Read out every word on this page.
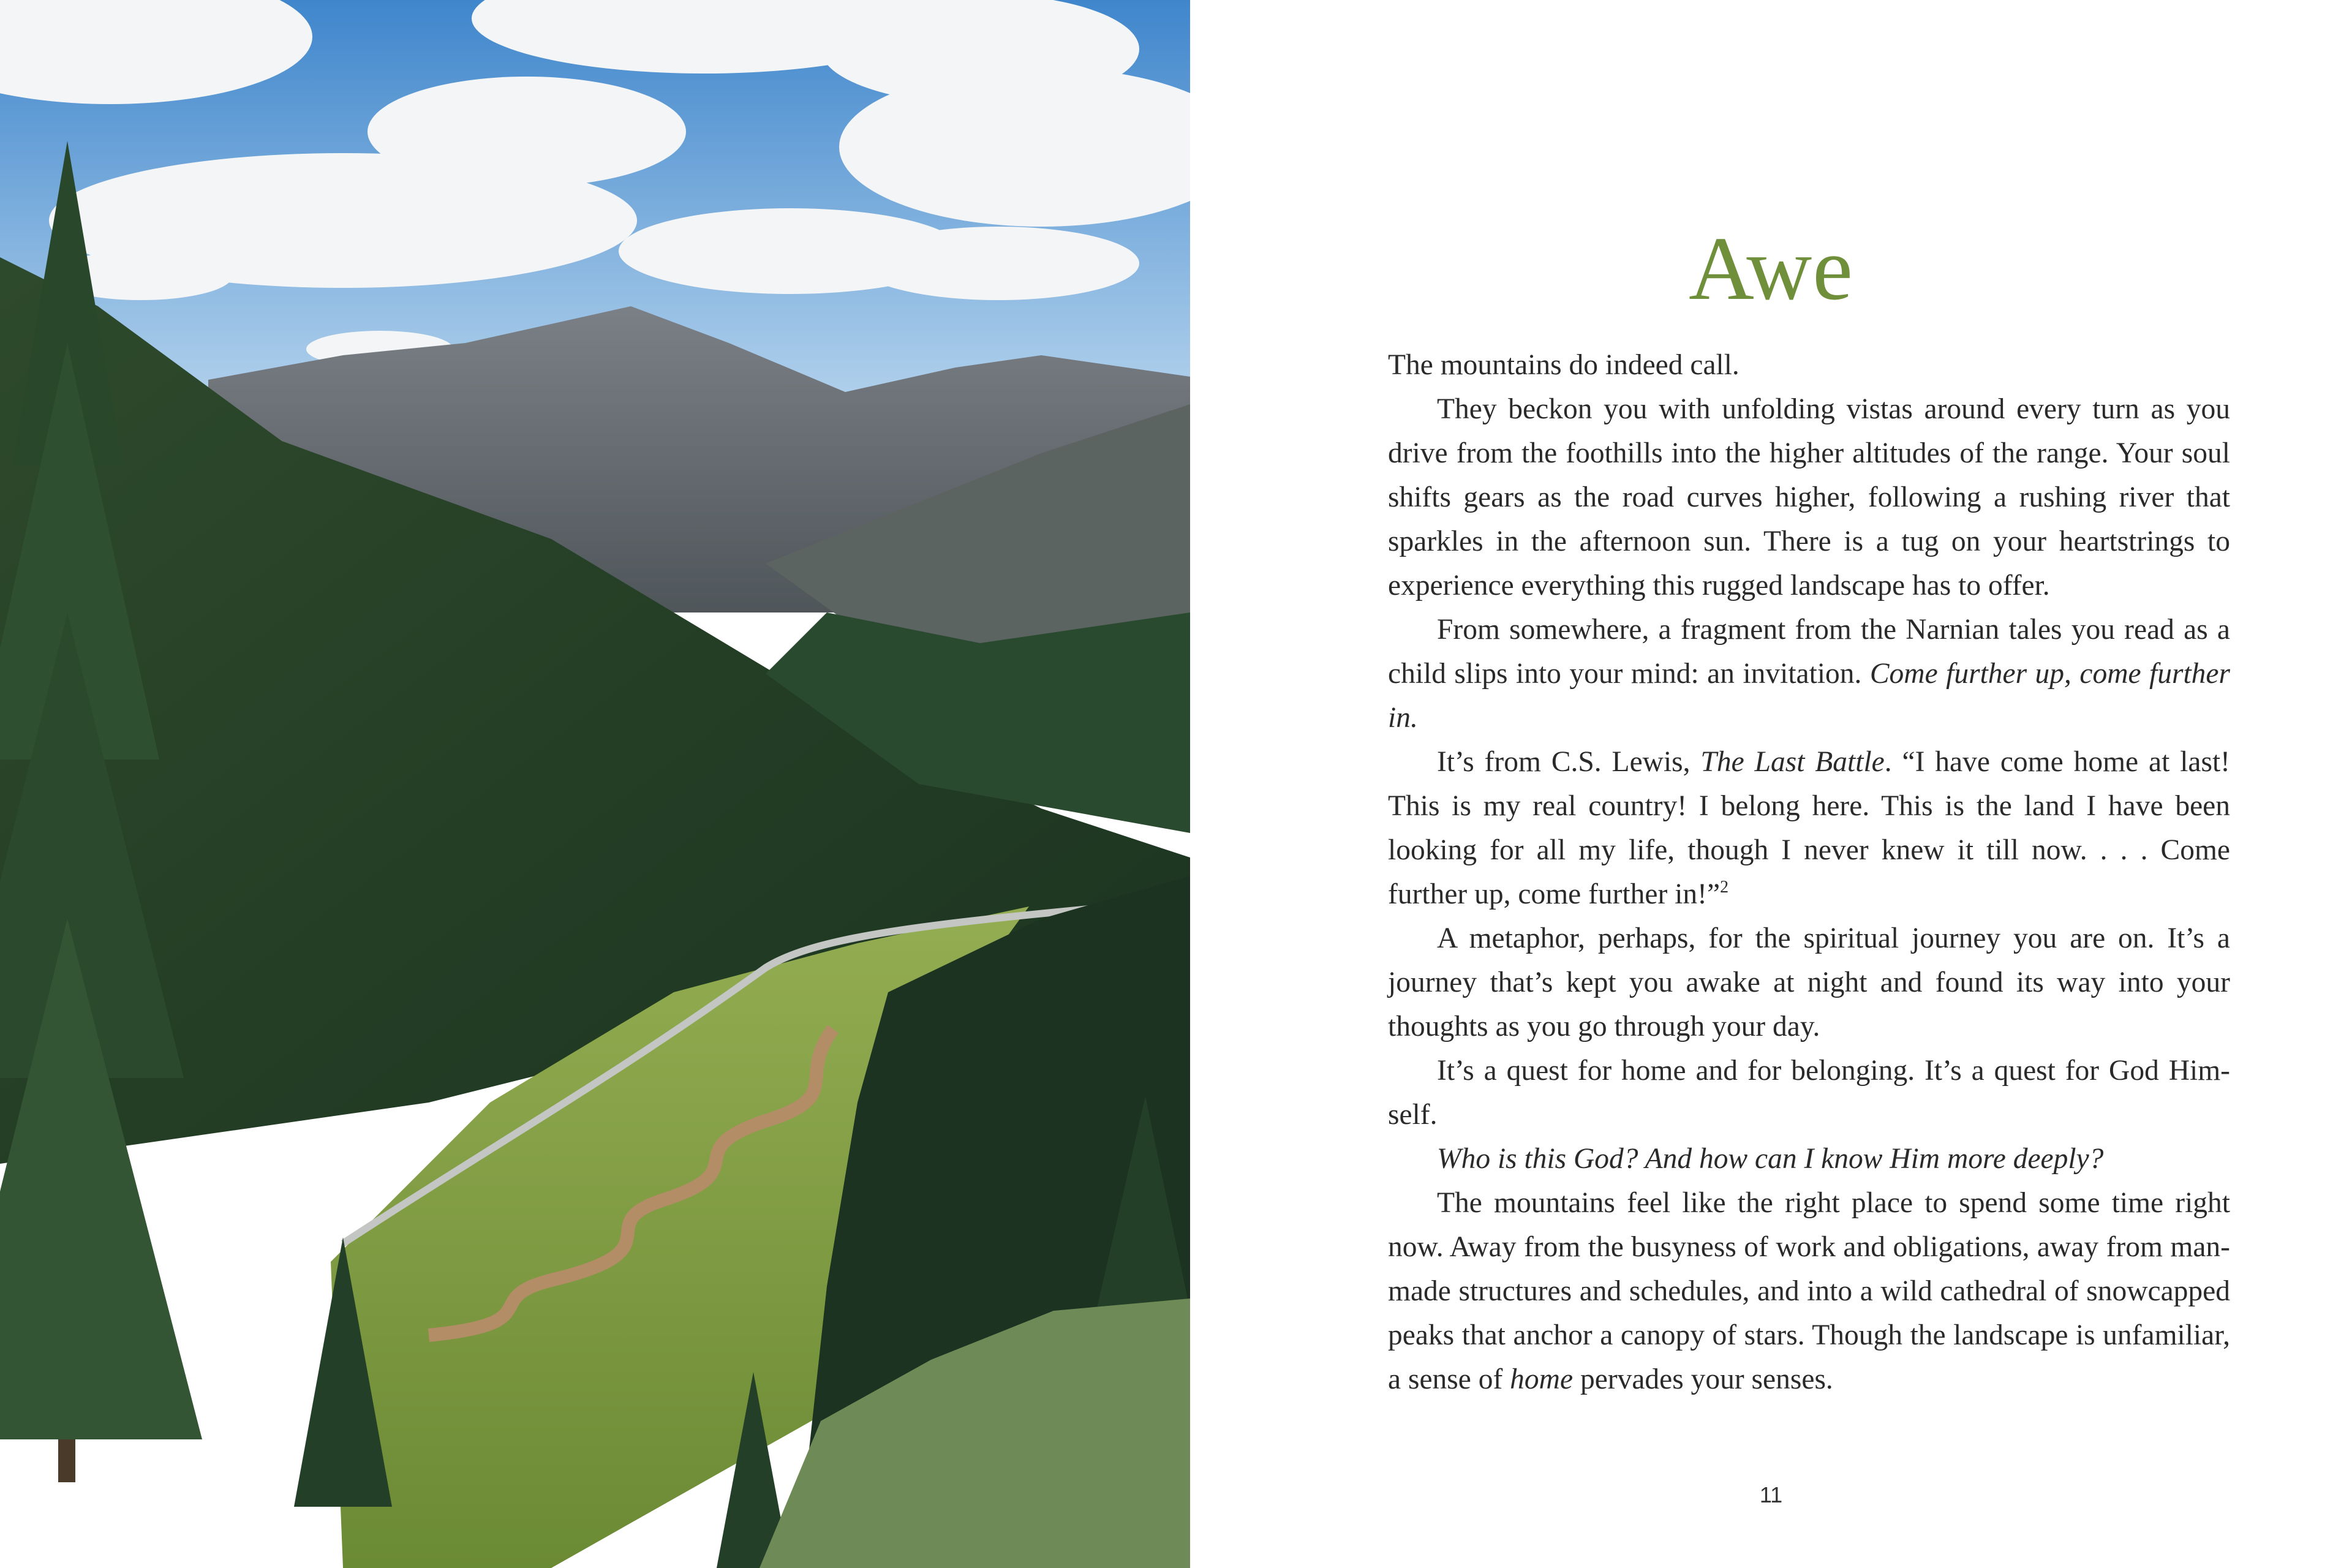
Awe

The mountains do indeed call.

They beckon you with unfolding vistas around every turn as you drive from the foothills into the higher altitudes of the range. Your soul shifts gears as the road curves higher, following a rushing river that sparkles in the afternoon sun. There is a tug on your heartstrings to experience everything this rugged landscape has to offer.

From somewhere, a fragment from the Narnian tales you read as a child slips into your mind: an invitation. Come further up, come further in.

It’s from C.S. Lewis, The Last Battle. “I have come home at last! This is my real country! I belong here. This is the land I have been looking for all my life, though I never knew it till now. . . . Come further up, come further in!”$^2$

A metaphor, perhaps, for the spiritual journey you are on. It’s a journey that’s kept you awake at night and found its way into your thoughts as you go through your day.

It’s a quest for home and for belonging. It’s a quest for God Himself.

Who is this God? And how can I know Him more deeply?

The mountains feel like the right place to spend some time right now. Away from the busyness of work and obligations, away from man-made structures and schedules, and into a wild cathedral of snowcapped peaks that anchor a canopy of stars. Though the landscape is unfamiliar, a sense of home pervades your senses.

11
